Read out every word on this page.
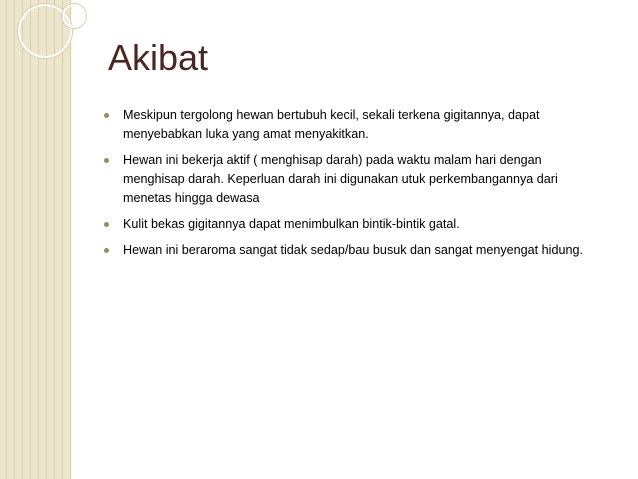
Akibat
Meskipun tergolong hewan bertubuh kecil, sekali terkena gigitannya, dapat menyebabkan luka yang amat menyakitkan.
Hewan ini bekerja aktif ( menghisap darah) pada waktu malam hari dengan menghisap darah. Keperluan darah ini digunakan utuk perkembangannya dari menetas hingga dewasa
Kulit bekas gigitannya dapat menimbulkan bintik-bintik gatal.
Hewan ini beraroma sangat tidak sedap/bau busuk dan sangat menyengat hidung.
